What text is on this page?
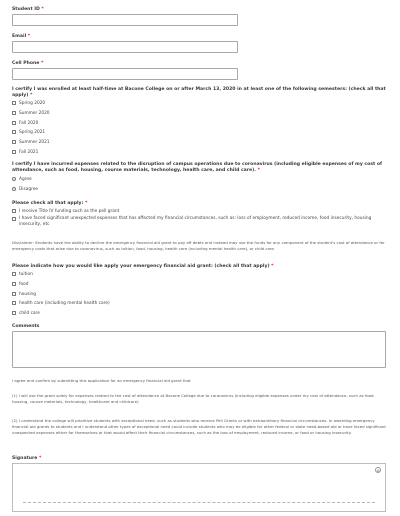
Student ID *
Email *
Cell Phone *
I certify I was enrolled at least half-time at Bacone College on or after March 13, 2020 in at least one of the following semesters: (check all that apply) *
Spring 2020
Summer 2020
Fall 2020
Spring 2021
Summer 2021
Fall 2021
I certify I have incurred expenses related to the disruption of campus operations due to coronavirus (including eligible expenses of my cost of attendance, such as food, housing, course materials, technology, health care, and child care). *
Agree
Disagree
Please check all that apply: *
I receive Title IV funding such as the pell grant
I have faced significant unexpected expenses that has affected my financial circumstances, such as: loss of employment, reduced income, food insecurity, housing insecurity, etc
Disclaimer: Students have the ability to decline the emergency financial aid grant to pay off debts and instead may use the funds for any component of the student's cost of attendance or for emergency costs that arise due to coronavirus, such as tuition, food, housing, health care (including mental health care), or child care.
Please indicate how you would like apply your emergency financial aid grant: (check all that apply) *
tuition
food
housing
health care (including mental health care)
child care
Comments
I agree and confirm by submitting this application for an emergency financial aid grant that
(1) I will use the grant solely for expenses related to the cost of attendance at Bacone College due to coronavirus (including eligible expenses under my cost of attendance, such as food, housing, course materials, technology, healthcare and childcare)
(2) I understand the college will prioritize students with exceptional need, such as students who receive Pell Grants or with extraordinary financial circumstances. In awarding emergency financial aid grants to students and I understand other types of exceptional need could include students who may be eligible for other federal or state need-based aid or have faced significant unexpected expenses either for themselves or that would affect their financial circumstances, such as the loss of employment, reduced income, or food or housing insecurity.
Signature *
⊗
